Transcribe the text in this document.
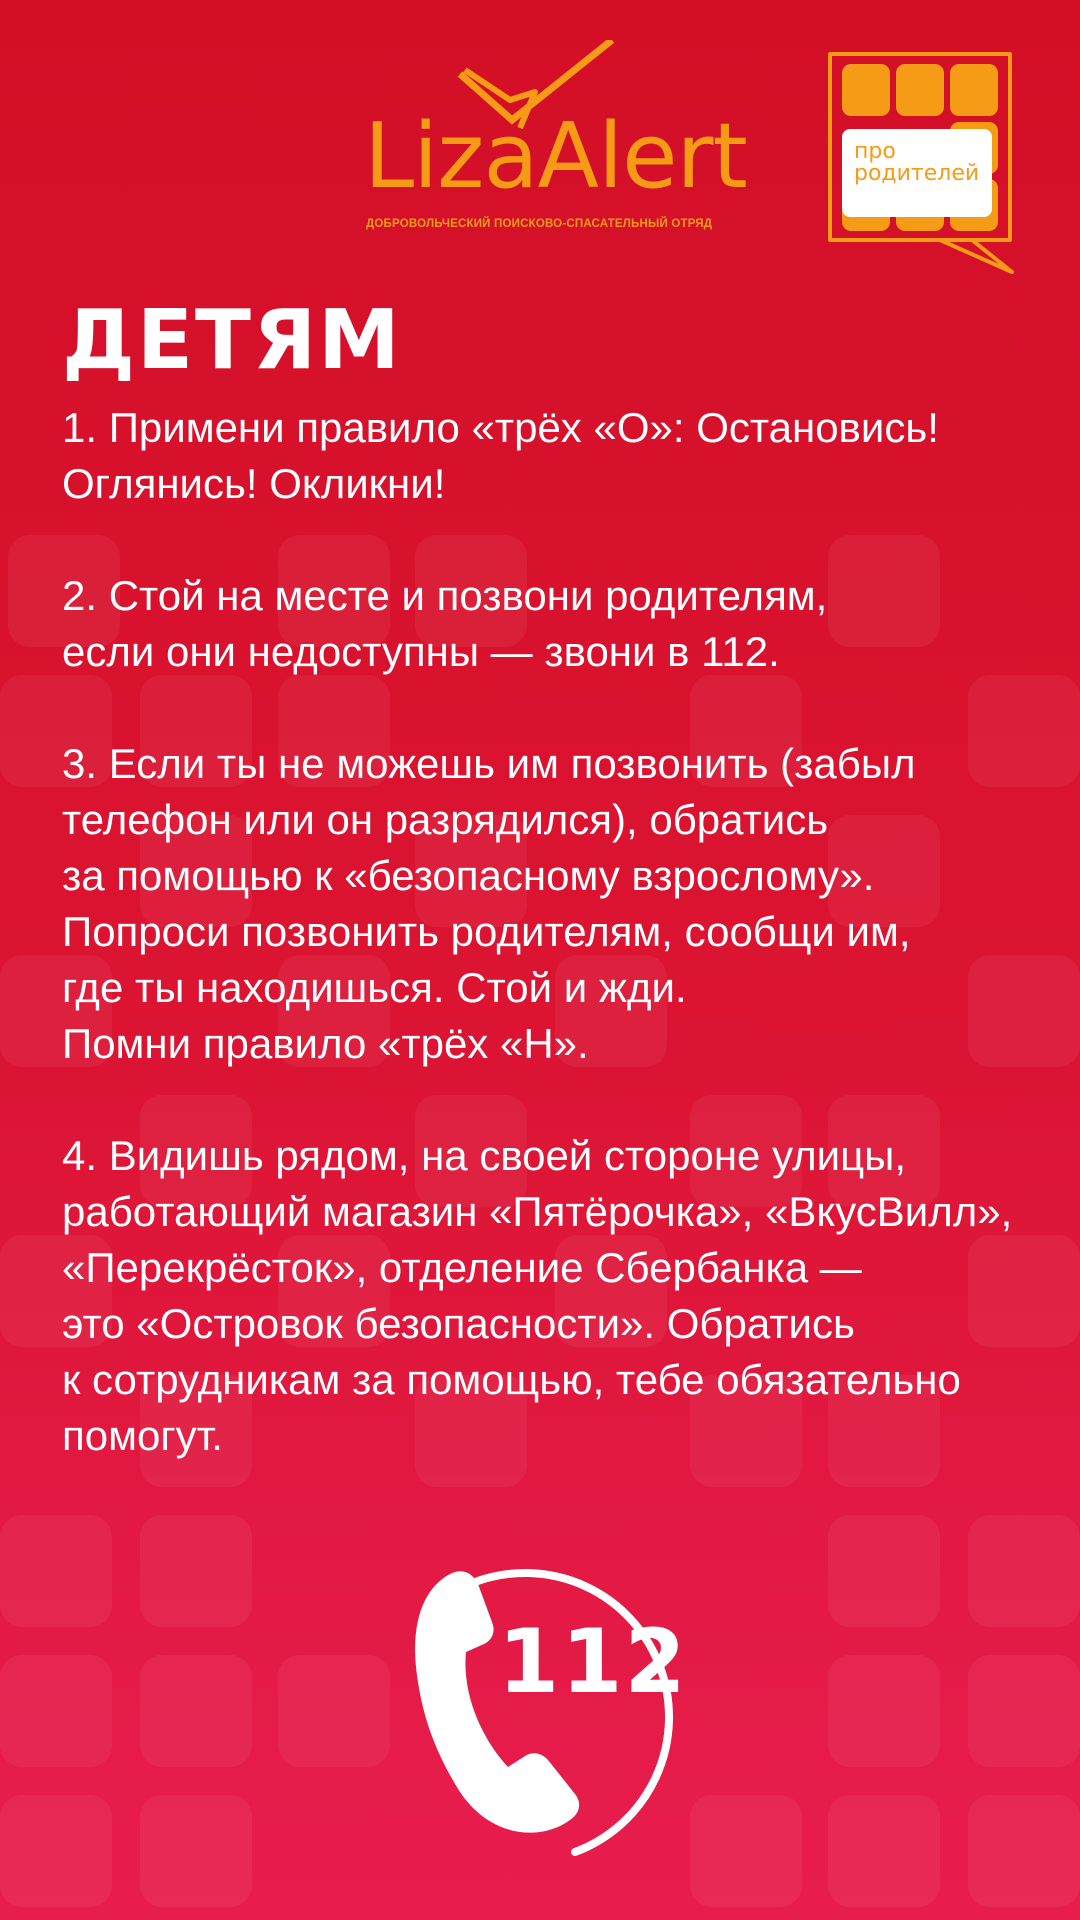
LizaAlert
ДОБРОВОЛЬЧЕСКИЙ ПОИСКОВО-СПАСАТЕЛЬНЫЙ ОТРЯД
про
родителей
ДЕТЯМ

1. Примени правило «трёх «О»: Остановись!
Оглянись! Окликни!

2. Стой на месте и позвони родителям,
если они недоступны — звони в 112.

3. Если ты не можешь им позвонить (забыл
телефон или он разрядился), обратись
за помощью к «безопасному взрослому».
Попроси позвонить родителям, сообщи им,
где ты находишься. Стой и жди.
Помни правило «трёх «Н».

4. Видишь рядом, на своей стороне улицы,
работающий магазин «Пятёрочка», «ВкусВилл»,
«Перекрёсток», отделение Сбербанка —
это «Островок безопасности». Обратись
к сотрудникам за помощью, тебе обязательно
помогут.

112
